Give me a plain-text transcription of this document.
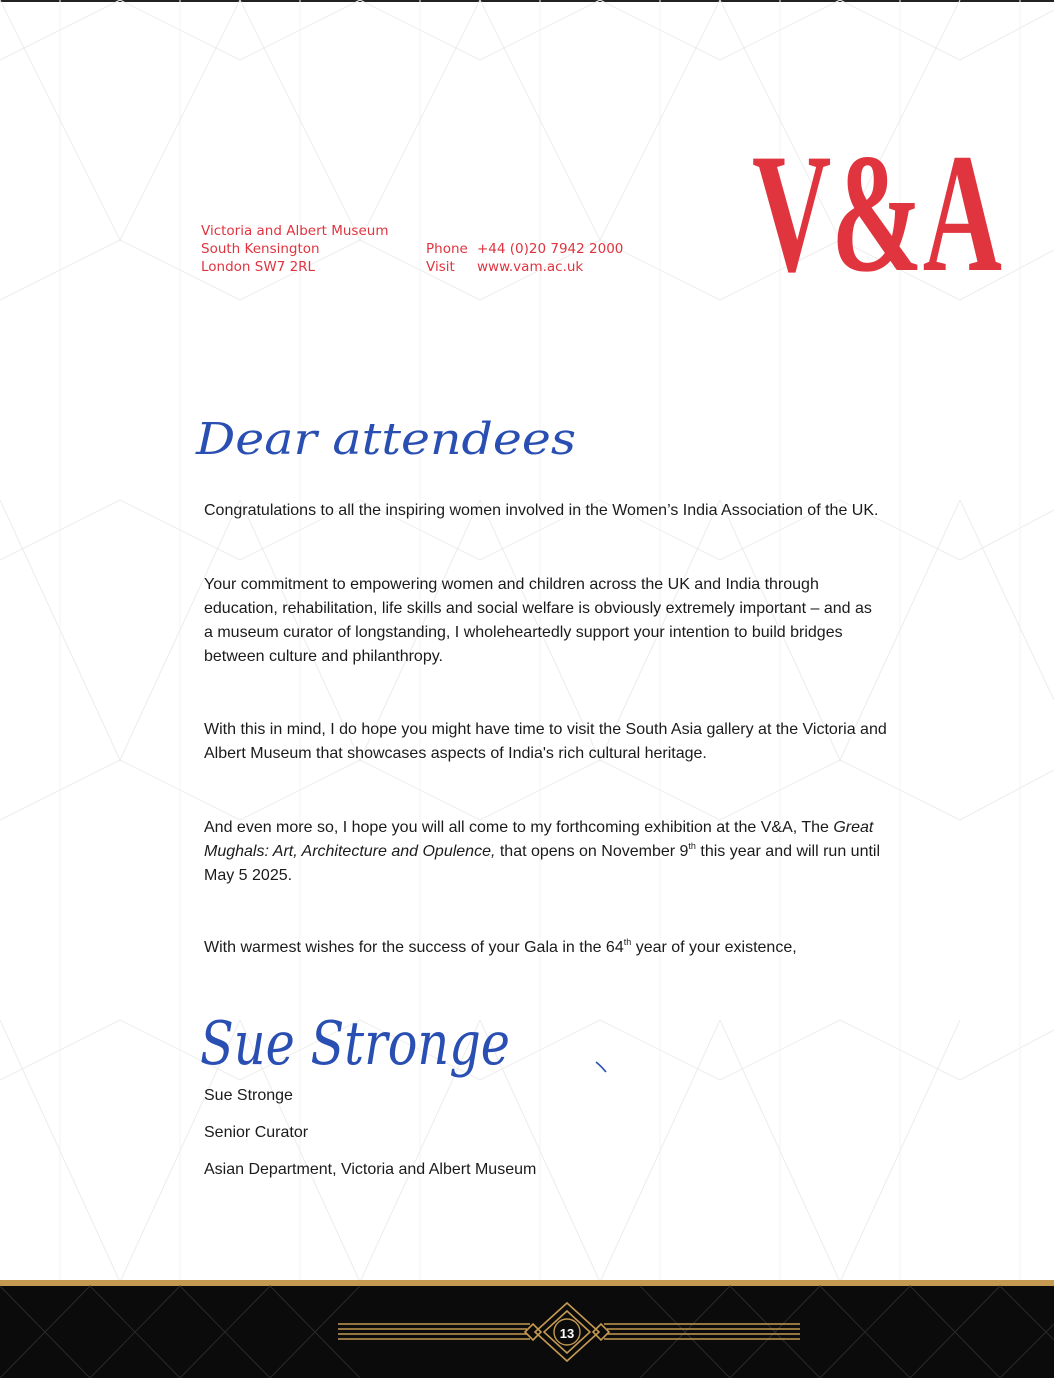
Victoria and Albert Museum
South Kensington
London SW7 2RL
Phone +44 (0)20 7942 2000
Visit www.vam.ac.uk V&A
Dear attendees

Congratulations to all the inspiring women involved in the Women’s India Association of the UK.

Your commitment to empowering women and children across the UK and India through

education, rehabilitation, life skills and social welfare is obviously extremely important – and as

a museum curator of longstanding, I wholeheartedly support your intention to build bridges

between culture and philanthropy.

With this in mind, I do hope you might have time to visit the South Asia gallery at the Victoria and

Albert Museum that showcases aspects of India's rich cultural heritage.

And even more so, I hope you will all come to my forthcoming exhibition at the V&A, The Great

Mughals: Art, Architecture and Opulence, that opens on November 9th this year and will run until

May 5 2025.

With warmest wishes for the success of your Gala in the 64th year of your existence,

Sue Stronge
Sue Stronge
Senior Curator
Asian Department, Victoria and Albert Museum
13
